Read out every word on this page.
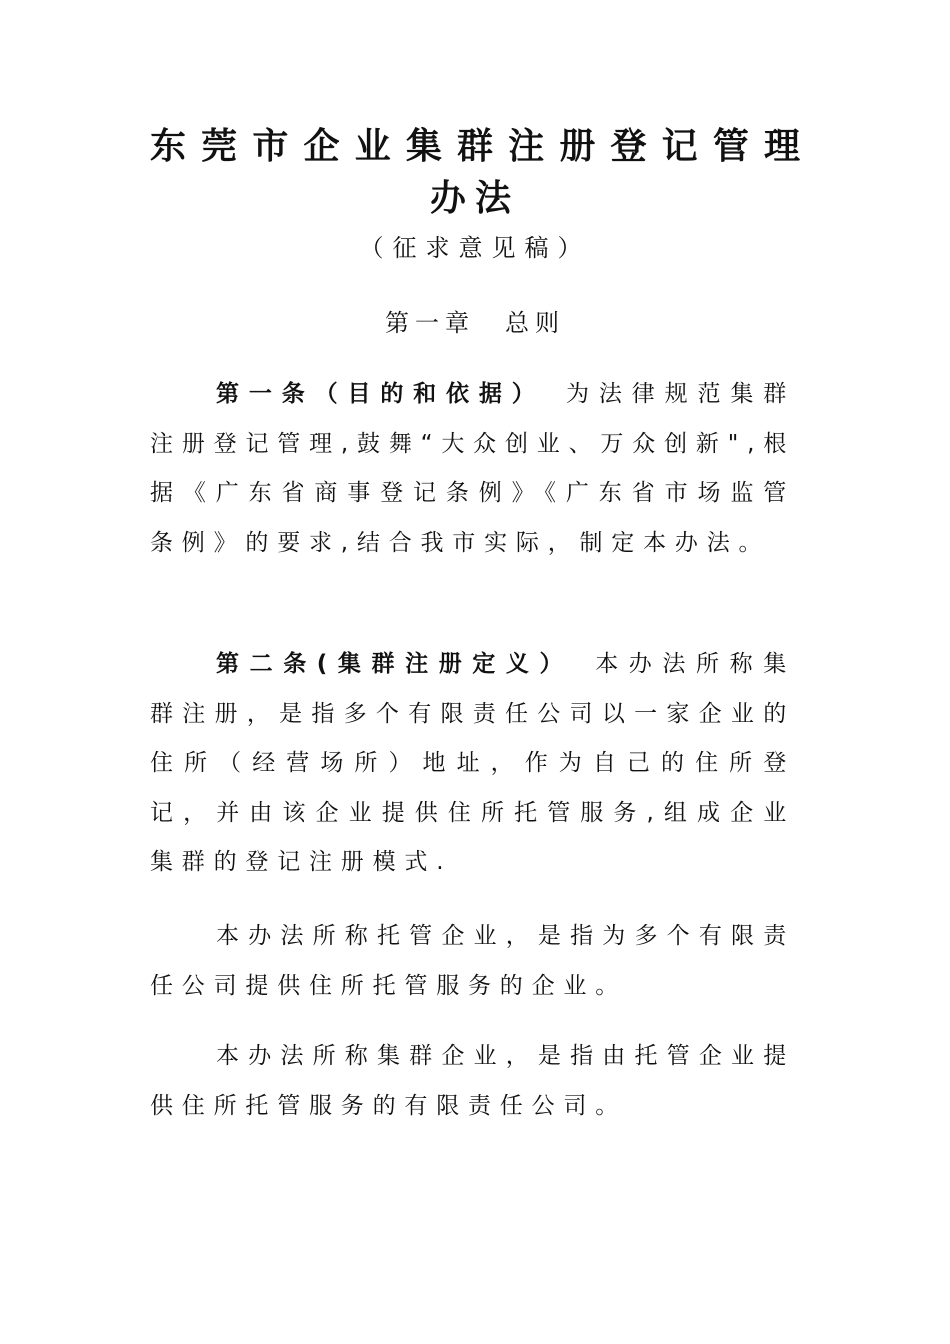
东莞市企业集群注册登记管理
办法
（征求意见稿）
第一章　总则

第一条（目的和依据）　为法律规范集群注册登记管理,鼓舞“大众创业、万众创新",根据《广东省商事登记条例》《广东省市场监管条例》的要求,结合我市实际，制定本办法。

第二条(集群注册定义）　本办法所称集群注册，是指多个有限责任公司以一家企业的住所（经营场所）地址，作为自己的住所登记，并由该企业提供住所托管服务,组成企业集群的登记注册模式.

本办法所称托管企业，是指为多个有限责任公司提供住所托管服务的企业。

本办法所称集群企业，是指由托管企业提供住所托管服务的有限责任公司。
